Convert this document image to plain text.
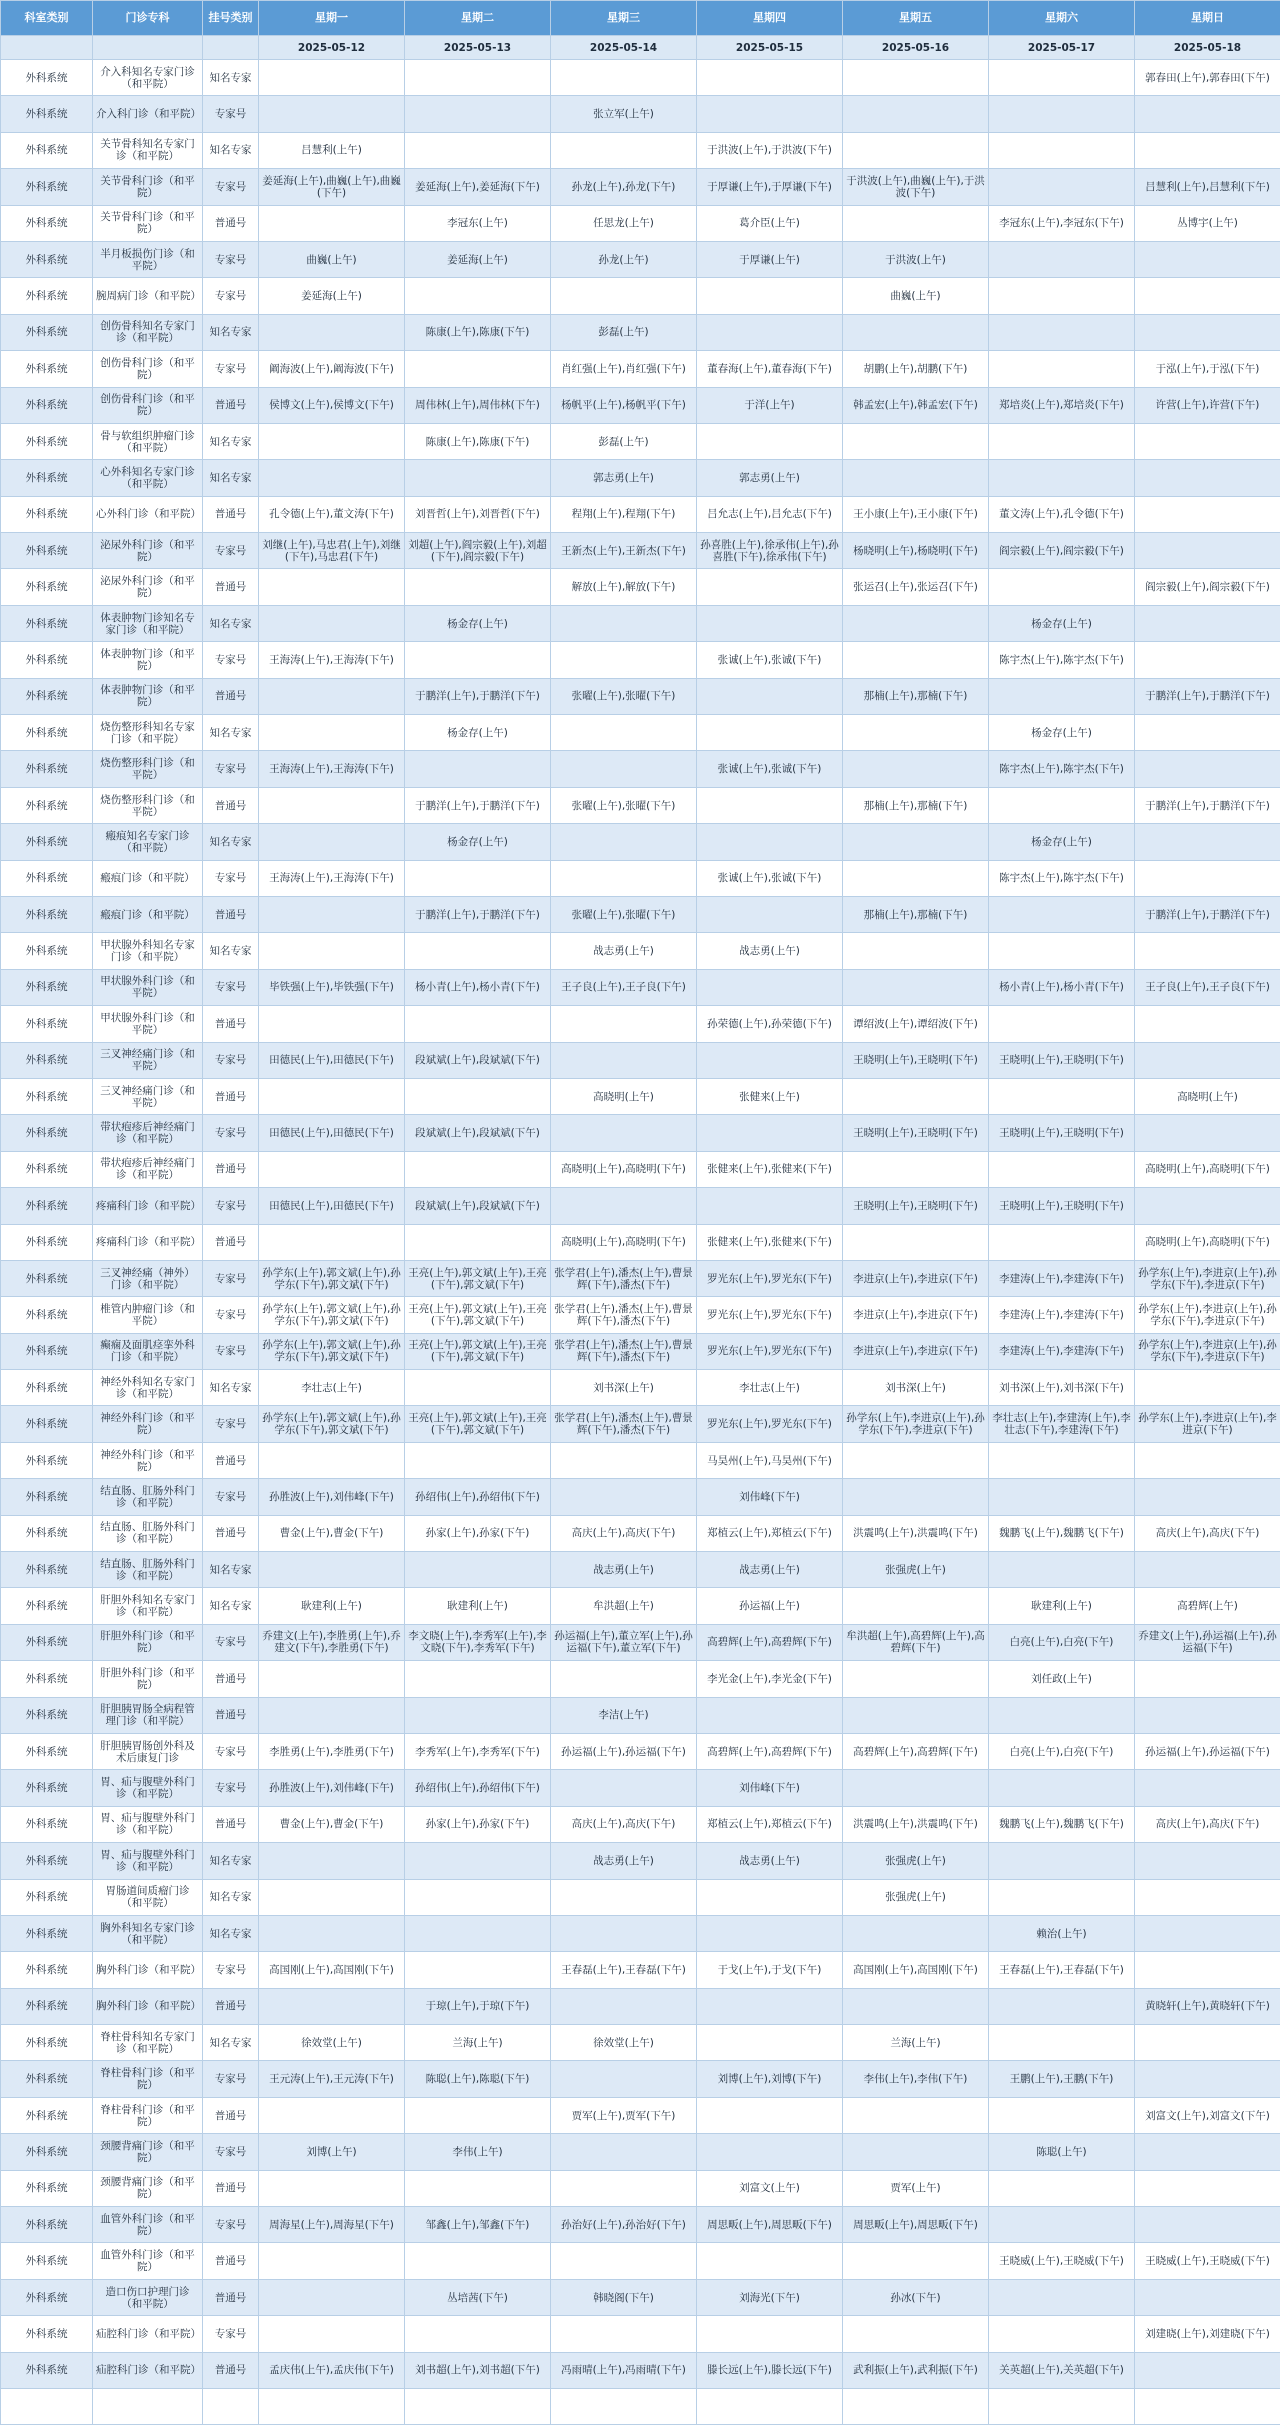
科室类别	门诊专科	挂号类别	星期一	星期二	星期三	星期四	星期五	星期六	星期日
			2025-05-12	2025-05-13	2025-05-14	2025-05-15	2025-05-16	2025-05-17	2025-05-18
外科系统	介入科知名专家门诊（和平院）	知名专家							郭春田(上午),郭春田(下午)
外科系统	介入科门诊（和平院）	专家号			张立军(上午)				
外科系统	关节骨科知名专家门诊（和平院）	知名专家	吕慧利(上午)			于洪波(上午),于洪波(下午)			
外科系统	关节骨科门诊（和平院）	专家号	姜延海(上午),曲巍(上午),曲巍(下午)	姜延海(上午),姜延海(下午)	孙龙(上午),孙龙(下午)	于厚谦(上午),于厚谦(下午)	于洪波(上午),曲巍(上午),于洪波(下午)		吕慧利(上午),吕慧利(下午)
外科系统	关节骨科门诊（和平院）	普通号		李冠东(上午)	任思龙(上午)	葛介臣(上午)		李冠东(上午),李冠东(下午)	丛博宇(上午)
外科系统	半月板损伤门诊（和平院）	专家号	曲巍(上午)	姜延海(上午)	孙龙(上午)	于厚谦(上午)	于洪波(上午)		
外科系统	腕周病门诊（和平院）	专家号	姜延海(上午)				曲巍(上午)		
外科系统	创伤骨科知名专家门诊（和平院）	知名专家		陈康(上午),陈康(下午)	彭磊(上午)				
外科系统	创伤骨科门诊（和平院）	专家号	阚海波(上午),阚海波(下午)		肖红强(上午),肖红强(下午)	董春海(上午),董春海(下午)	胡鹏(上午),胡鹏(下午)		于泓(上午),于泓(下午)
外科系统	创伤骨科门诊（和平院）	普通号	侯博文(上午),侯博文(下午)	周伟林(上午),周伟林(下午)	杨帆平(上午),杨帆平(下午)	于洋(上午)	韩孟宏(上午),韩孟宏(下午)	郑培炎(上午),郑培炎(下午)	许营(上午),许营(下午)
外科系统	骨与软组织肿瘤门诊（和平院）	知名专家		陈康(上午),陈康(下午)	彭磊(上午)				
外科系统	心外科知名专家门诊（和平院）	知名专家			郭志勇(上午)	郭志勇(上午)			
外科系统	心外科门诊（和平院）	普通号	孔令德(上午),董文涛(下午)	刘晋哲(上午),刘晋哲(下午)	程翔(上午),程翔(下午)	吕允志(上午),吕允志(下午)	王小康(上午),王小康(下午)	董文涛(上午),孔令德(下午)	
外科系统	泌尿外科门诊（和平院）	专家号	刘继(上午),马忠君(上午),刘继(下午),马忠君(下午)	刘超(上午),阎宗毅(上午),刘超(下午),阎宗毅(下午)	王新杰(上午),王新杰(下午)	孙喜胜(上午),徐承伟(上午),孙喜胜(下午),徐承伟(下午)	杨晓明(上午),杨晓明(下午)	阎宗毅(上午),阎宗毅(下午)	
外科系统	泌尿外科门诊（和平院）	普通号			解放(上午),解放(下午)		张运召(上午),张运召(下午)		阎宗毅(上午),阎宗毅(下午)
外科系统	体表肿物门诊知名专家门诊（和平院）	知名专家		杨金存(上午)				杨金存(上午)	
外科系统	体表肿物门诊（和平院）	专家号	王海涛(上午),王海涛(下午)			张诚(上午),张诚(下午)		陈宇杰(上午),陈宇杰(下午)	
外科系统	体表肿物门诊（和平院）	普通号		于鹏洋(上午),于鹏洋(下午)	张曜(上午),张曜(下午)		那楠(上午),那楠(下午)		于鹏洋(上午),于鹏洋(下午)
外科系统	烧伤整形科知名专家门诊（和平院）	知名专家		杨金存(上午)				杨金存(上午)	
外科系统	烧伤整形科门诊（和平院）	专家号	王海涛(上午),王海涛(下午)			张诚(上午),张诚(下午)		陈宇杰(上午),陈宇杰(下午)	
外科系统	烧伤整形科门诊（和平院）	普通号		于鹏洋(上午),于鹏洋(下午)	张曜(上午),张曜(下午)		那楠(上午),那楠(下午)		于鹏洋(上午),于鹏洋(下午)
外科系统	瘢痕知名专家门诊（和平院）	知名专家		杨金存(上午)				杨金存(上午)	
外科系统	瘢痕门诊（和平院）	专家号	王海涛(上午),王海涛(下午)			张诚(上午),张诚(下午)		陈宇杰(上午),陈宇杰(下午)	
外科系统	瘢痕门诊（和平院）	普通号		于鹏洋(上午),于鹏洋(下午)	张曜(上午),张曜(下午)		那楠(上午),那楠(下午)		于鹏洋(上午),于鹏洋(下午)
外科系统	甲状腺外科知名专家门诊（和平院）	知名专家			战志勇(上午)	战志勇(上午)			
外科系统	甲状腺外科门诊（和平院）	专家号	毕铁强(上午),毕铁强(下午)	杨小青(上午),杨小青(下午)	王子良(上午),王子良(下午)			杨小青(上午),杨小青(下午)	王子良(上午),王子良(下午)
外科系统	甲状腺外科门诊（和平院）	普通号				孙荣德(上午),孙荣德(下午)	谭绍波(上午),谭绍波(下午)		
外科系统	三叉神经痛门诊（和平院）	专家号	田德民(上午),田德民(下午)	段斌斌(上午),段斌斌(下午)			王晓明(上午),王晓明(下午)	王晓明(上午),王晓明(下午)	
外科系统	三叉神经痛门诊（和平院）	普通号			高晓明(上午)	张健来(上午)			高晓明(上午)
外科系统	带状疱疹后神经痛门诊（和平院）	专家号	田德民(上午),田德民(下午)	段斌斌(上午),段斌斌(下午)			王晓明(上午),王晓明(下午)	王晓明(上午),王晓明(下午)	
外科系统	带状疱疹后神经痛门诊（和平院）	普通号			高晓明(上午),高晓明(下午)	张健来(上午),张健来(下午)			高晓明(上午),高晓明(下午)
外科系统	疼痛科门诊（和平院）	专家号	田德民(上午),田德民(下午)	段斌斌(上午),段斌斌(下午)			王晓明(上午),王晓明(下午)	王晓明(上午),王晓明(下午)	
外科系统	疼痛科门诊（和平院）	普通号			高晓明(上午),高晓明(下午)	张健来(上午),张健来(下午)			高晓明(上午),高晓明(下午)
外科系统	三叉神经痛（神外）门诊（和平院）	专家号	孙学东(上午),郭文斌(上午),孙学东(下午),郭文斌(下午)	王亮(上午),郭文斌(上午),王亮(下午),郭文斌(下午)	张学君(上午),潘杰(上午),曹景辉(下午),潘杰(下午)	罗光东(上午),罗光东(下午)	李进京(上午),李进京(下午)	李建涛(上午),李建涛(下午)	孙学东(上午),李进京(上午),孙学东(下午),李进京(下午)
外科系统	椎管内肿瘤门诊（和平院）	专家号	孙学东(上午),郭文斌(上午),孙学东(下午),郭文斌(下午)	王亮(上午),郭文斌(上午),王亮(下午),郭文斌(下午)	张学君(上午),潘杰(上午),曹景辉(下午),潘杰(下午)	罗光东(上午),罗光东(下午)	李进京(上午),李进京(下午)	李建涛(上午),李建涛(下午)	孙学东(上午),李进京(上午),孙学东(下午),李进京(下午)
外科系统	癫痫及面肌痉挛外科门诊（和平院）	专家号	孙学东(上午),郭文斌(上午),孙学东(下午),郭文斌(下午)	王亮(上午),郭文斌(上午),王亮(下午),郭文斌(下午)	张学君(上午),潘杰(上午),曹景辉(下午),潘杰(下午)	罗光东(上午),罗光东(下午)	李进京(上午),李进京(下午)	李建涛(上午),李建涛(下午)	孙学东(上午),李进京(上午),孙学东(下午),李进京(下午)
外科系统	神经外科知名专家门诊（和平院）	知名专家	李壮志(上午)		刘书深(上午)	李壮志(上午)	刘书深(上午)	刘书深(上午),刘书深(下午)	
外科系统	神经外科门诊（和平院）	专家号	孙学东(上午),郭文斌(上午),孙学东(下午),郭文斌(下午)	王亮(上午),郭文斌(上午),王亮(下午),郭文斌(下午)	张学君(上午),潘杰(上午),曹景辉(下午),潘杰(下午)	罗光东(上午),罗光东(下午)	孙学东(上午),李进京(上午),孙学东(下午),李进京(下午)	李壮志(上午),李建涛(上午),李壮志(下午),李建涛(下午)	孙学东(上午),李进京(上午),李进京(下午)
外科系统	神经外科门诊（和平院）	普通号				马昊州(上午),马昊州(下午)			
外科系统	结直肠、肛肠外科门诊（和平院）	专家号	孙胜波(上午),刘伟峰(下午)	孙绍伟(上午),孙绍伟(下午)		刘伟峰(下午)			
外科系统	结直肠、肛肠外科门诊（和平院）	普通号	曹金(上午),曹金(下午)	孙家(上午),孙家(下午)	高庆(上午),高庆(下午)	郑植云(上午),郑植云(下午)	洪震鸣(上午),洪震鸣(下午)	魏鹏飞(上午),魏鹏飞(下午)	高庆(上午),高庆(下午)
外科系统	结直肠、肛肠外科门诊（和平院）	知名专家			战志勇(上午)	战志勇(上午)	张强虎(上午)		
外科系统	肝胆外科知名专家门诊（和平院）	知名专家	耿建利(上午)	耿建利(上午)	牟洪超(上午)	孙运福(上午)		耿建利(上午)	高碧辉(上午)
外科系统	肝胆外科门诊（和平院）	专家号	乔建文(上午),李胜勇(上午),乔建文(下午),李胜勇(下午)	李文晓(上午),李秀军(上午),李文晓(下午),李秀军(下午)	孙运福(上午),董立军(上午),孙运福(下午),董立军(下午)	高碧辉(上午),高碧辉(下午)	牟洪超(上午),高碧辉(上午),高碧辉(下午)	白亮(上午),白亮(下午)	乔建文(上午),孙运福(上午),孙运福(下午)
外科系统	肝胆外科门诊（和平院）	普通号				李光金(上午),李光金(下午)		刘任政(上午)	
外科系统	肝胆胰胃肠全病程管理门诊（和平院）	普通号			李洁(上午)				
外科系统	肝胆胰胃肠创外科及术后康复门诊	专家号	李胜勇(上午),李胜勇(下午)	李秀军(上午),李秀军(下午)	孙运福(上午),孙运福(下午)	高碧辉(上午),高碧辉(下午)	高碧辉(上午),高碧辉(下午)	白亮(上午),白亮(下午)	孙运福(上午),孙运福(下午)
外科系统	胃、疝与腹壁外科门诊（和平院）	专家号	孙胜波(上午),刘伟峰(下午)	孙绍伟(上午),孙绍伟(下午)		刘伟峰(下午)			
外科系统	胃、疝与腹壁外科门诊（和平院）	普通号	曹金(上午),曹金(下午)	孙家(上午),孙家(下午)	高庆(上午),高庆(下午)	郑植云(上午),郑植云(下午)	洪震鸣(上午),洪震鸣(下午)	魏鹏飞(上午),魏鹏飞(下午)	高庆(上午),高庆(下午)
外科系统	胃、疝与腹壁外科门诊（和平院）	知名专家			战志勇(上午)	战志勇(上午)	张强虎(上午)		
外科系统	胃肠道间质瘤门诊（和平院）	知名专家					张强虎(上午)		
外科系统	胸外科知名专家门诊（和平院）	知名专家						赖治(上午)	
外科系统	胸外科门诊（和平院）	专家号	高国刚(上午),高国刚(下午)		王春磊(上午),王春磊(下午)	于戈(上午),于戈(下午)	高国刚(上午),高国刚(下午)	王春磊(上午),王春磊(下午)	
外科系统	胸外科门诊（和平院）	普通号		于琼(上午),于琼(下午)					黄晓轩(上午),黄晓轩(下午)
外科系统	脊柱骨科知名专家门诊（和平院）	知名专家	徐效堂(上午)	兰海(上午)	徐效堂(上午)		兰海(上午)		
外科系统	脊柱骨科门诊（和平院）	专家号	王元涛(上午),王元涛(下午)	陈聪(上午),陈聪(下午)		刘博(上午),刘博(下午)	李伟(上午),李伟(下午)	王鹏(上午),王鹏(下午)	
外科系统	脊柱骨科门诊（和平院）	普通号			贾军(上午),贾军(下午)				刘富文(上午),刘富文(下午)
外科系统	颈腰背痛门诊（和平院）	专家号	刘博(上午)	李伟(上午)				陈聪(上午)	
外科系统	颈腰背痛门诊（和平院）	普通号				刘富文(上午)	贾军(上午)		
外科系统	血管外科门诊（和平院）	专家号	周海星(上午),周海星(下午)	邹鑫(上午),邹鑫(下午)	孙治好(上午),孙治好(下午)	周思畈(上午),周思畈(下午)	周思畈(上午),周思畈(下午)		
外科系统	血管外科门诊（和平院）	普通号						王晓威(上午),王晓威(下午)	王晓威(上午),王晓威(下午)
外科系统	造口伤口护理门诊（和平院）	普通号		丛培茜(下午)	韩晓阁(下午)	刘海光(下午)	孙冰(下午)		
外科系统	疝腔科门诊（和平院）	专家号							刘建晓(上午),刘建晓(下午)
外科系统	疝腔科门诊（和平院）	普通号	孟庆伟(上午),孟庆伟(下午)	刘书超(上午),刘书超(下午)	冯雨晴(上午),冯雨晴(下午)	滕长远(上午),滕长远(下午)	武利振(上午),武利振(下午)	关英超(上午),关英超(下午)	
